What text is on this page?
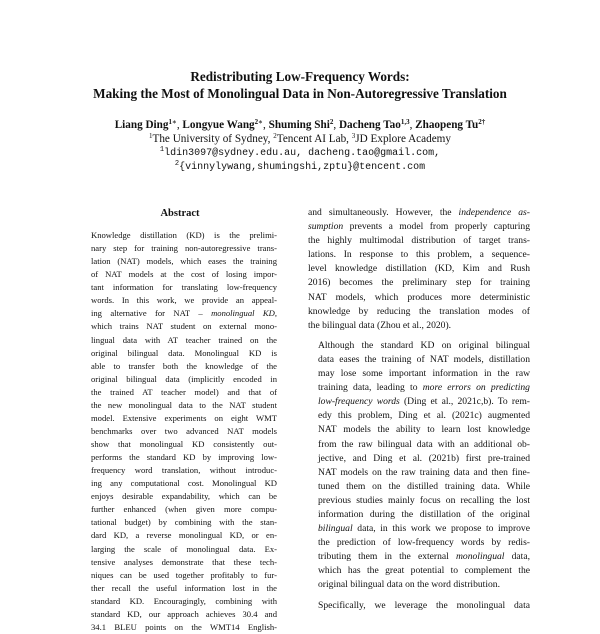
Redistributing Low-Frequency Words:
Making the Most of Monolingual Data in Non-Autoregressive Translation
Liang Ding$^{1∗}$, Longyue Wang$^{2∗}$, Shuming Shi$^2$, Dacheng Tao$^{1,3}$, Zhaopeng $Tu^{2\dagger}$
$^1$The University of Sydney, $^2$Tencent AI Lab, $^3$JD Explore Academy
$^1$ldin3097@sydney.edu.au, dacheng.tao@gmail.com,
$^2${vinnylywang,shumingshi,zptu}@tencent.com
Abstract
Knowledge distillation (KD) is the prelimi-
nary step for training non-autoregressive trans-
lation (NAT) models, which eases the training
of NAT models at the cost of losing impor-
tant information for translating low-frequency
words. In this work, we provide an appeal-
ing alternative for NAT – monolingual KD,
which trains NAT student on external mono-
lingual data with AT teacher trained on the
original bilingual data. Monolingual KD is
able to transfer both the knowledge of the
original bilingual data (implicitly encoded in
the trained AT teacher model) and that of
the new monolingual data to the NAT student
model. Extensive experiments on eight WMT
benchmarks over two advanced NAT models
show that monolingual KD consistently out-
performs the standard KD by improving low-
frequency word translation, without introduc-
ing any computational cost. Monolingual KD
enjoys desirable expandability, which can be
further enhanced (when given more compu-
tational budget) by combining with the stan-
dard KD, a reverse monolingual KD, or en-
larging the scale of monolingual data. Ex-
tensive analyses demonstrate that these tech-
niques can be used together profitably to fur-
ther recall the useful information lost in the
standard KD. Encouragingly, combining with
standard KD, our approach achieves 30.4 and
34.1 BLEU points on the WMT14 English-

and simultaneously. However, the independence as-
sumption prevents a model from properly capturing
the highly multimodal distribution of target trans-
lations. In response to this problem, a sequence-
level knowledge distillation (KD, Kim and Rush
2016) becomes the preliminary step for training
NAT models, which produces more deterministic
knowledge by reducing the translation modes of
the bilingual data (Zhou et al., 2020).

Although the standard KD on original bilingual
data eases the training of NAT models, distillation
may lose some important information in the raw
training data, leading to more errors on predicting
low-frequency words (Ding et al., 2021c,b). To rem-
edy this problem, Ding et al. (2021c) augmented
NAT models the ability to learn lost knowledge
from the raw bilingual data with an additional ob-
jective, and Ding et al. (2021b) first pre-trained
NAT models on the raw training data and then fine-
tuned them on the distilled training data. While
previous studies mainly focus on recalling the lost
information during the distillation of the original
bilingual data, in this work we propose to improve
the prediction of low-frequency words by redis-
tributing them in the external monolingual data,
which has the great potential to complement the
original bilingual data on the word distribution.

Specifically, we leverage the monolingual data
